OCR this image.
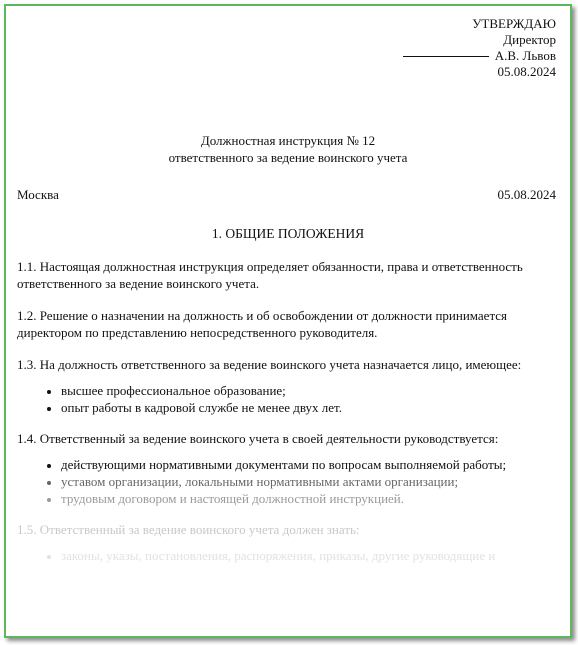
УТВЕРЖДАЮ
Директор
А.В. Львов
05.08.2024
Должностная инструкция № 12
ответственного за ведение воинского учета
Москва	05.08.2024
1. ОБЩИЕ ПОЛОЖЕНИЯ

1.1. Настоящая должностная инструкция определяет обязанности, права и ответственность ответственного за ведение воинского учета.

1.2. Решение о назначении на должность и об освобождении от должности принимается директором по представлению непосредственного руководителя.

1.3. На должность ответственного за ведение воинского учета назначается лицо, имеющее:

• высшее профессиональное образование;
• опыт работы в кадровой службе не менее двух лет.

1.4. Ответственный за ведение воинского учета в своей деятельности руководствуется:

• действующими нормативными документами по вопросам выполняемой работы;
• уставом организации, локальными нормативными актами организации;
• трудовым договором и настоящей должностной инструкцией.

1.5. Ответственный за ведение воинского учета должен знать:

• законы, указы, постановления, распоряжения, приказы, другие руководящие и
